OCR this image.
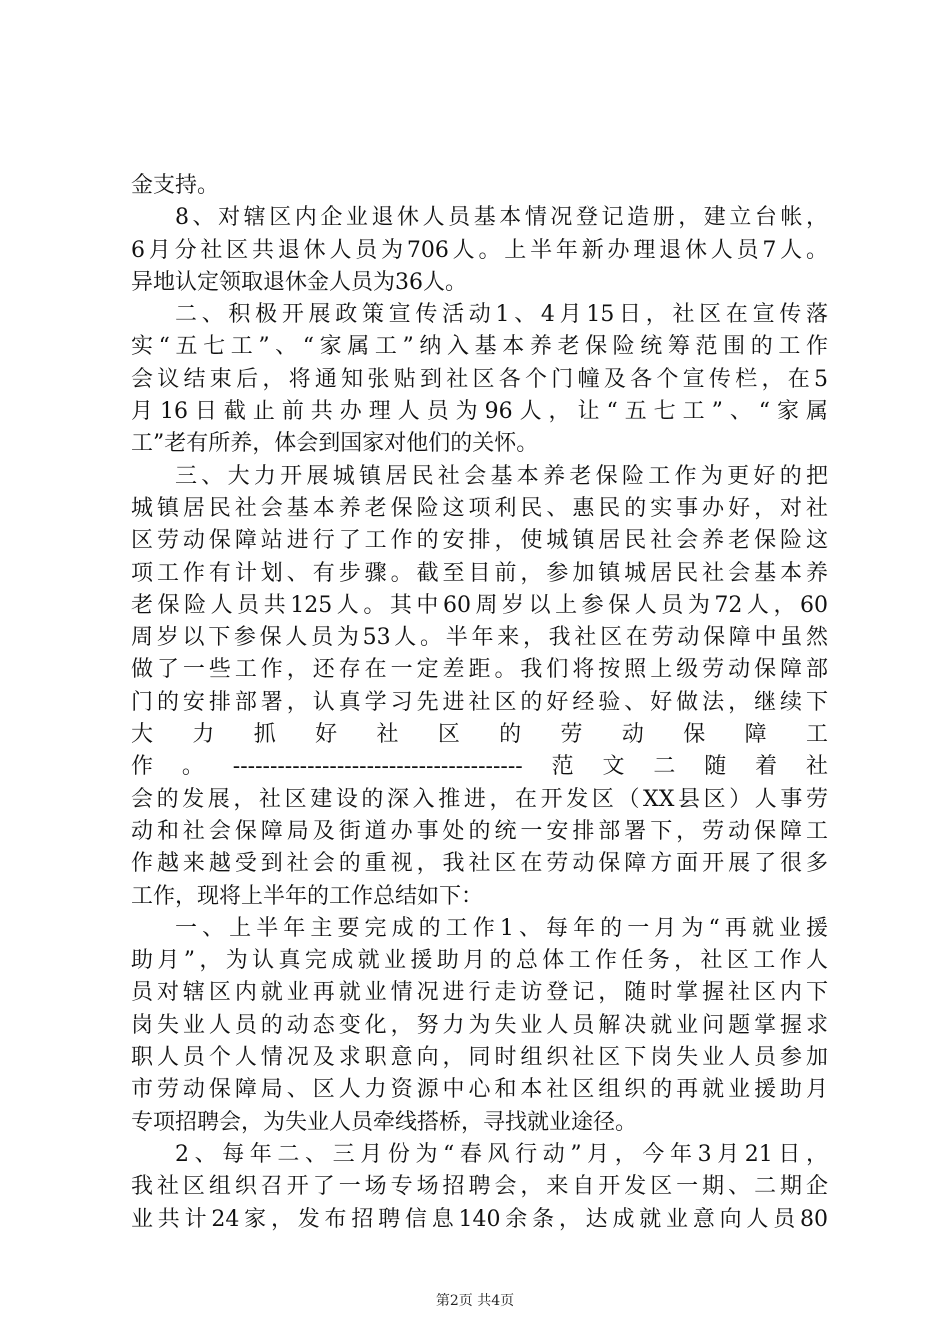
金支持。
8、对辖区内企业退休人员基本情况登记造册，建立台帐，
6月分社区共退休人员为706人。上半年新办理退休人员7人。
异地认定领取退休金人员为36人。
二、积极开展政策宣传活动1、4月15日，社区在宣传落
实“五七工”、“家属工”纳入基本养老保险统筹范围的工作
会议结束后，将通知张贴到社区各个门幢及各个宣传栏，在5
月16日截止前共办理人员为96人，让“五七工”、“家属
工”老有所养，体会到国家对他们的关怀。
三、大力开展城镇居民社会基本养老保险工作为更好的把
城镇居民社会基本养老保险这项利民、惠民的实事办好，对社
区劳动保障站进行了工作的安排，使城镇居民社会养老保险这
项工作有计划、有步骤。截至目前，参加镇城居民社会基本养
老保险人员共125人。其中60周岁以上参保人员为72人，60
周岁以下参保人员为53人。半年来，我社区在劳动保障中虽然
做了一些工作，还存在一定差距。我们将按照上级劳动保障部
门的安排部署，认真学习先进社区的好经验、好做法，继续下
大 力 抓 好 社 区 的 劳 动 保 障 工
作。---------------------------------------范文二随着社
会的发展，社区建设的深入推进，在开发区（XX县区）人事劳
动和社会保障局及街道办事处的统一安排部署下，劳动保障工
作越来越受到社会的重视，我社区在劳动保障方面开展了很多
工作，现将上半年的工作总结如下：
一、上半年主要完成的工作1、每年的一月为“再就业援
助月”，为认真完成就业援助月的总体工作任务，社区工作人
员对辖区内就业再就业情况进行走访登记，随时掌握社区内下
岗失业人员的动态变化，努力为失业人员解决就业问题掌握求
职人员个人情况及求职意向，同时组织社区下岗失业人员参加
市劳动保障局、区人力资源中心和本社区组织的再就业援助月
专项招聘会，为失业人员牵线搭桥，寻找就业途径。
2、每年二、三月份为“春风行动”月，今年3月21日，
我社区组织召开了一场专场招聘会，来自开发区一期、二期企
业共计24家，发布招聘信息140余条，达成就业意向人员80
第2页 共4页
